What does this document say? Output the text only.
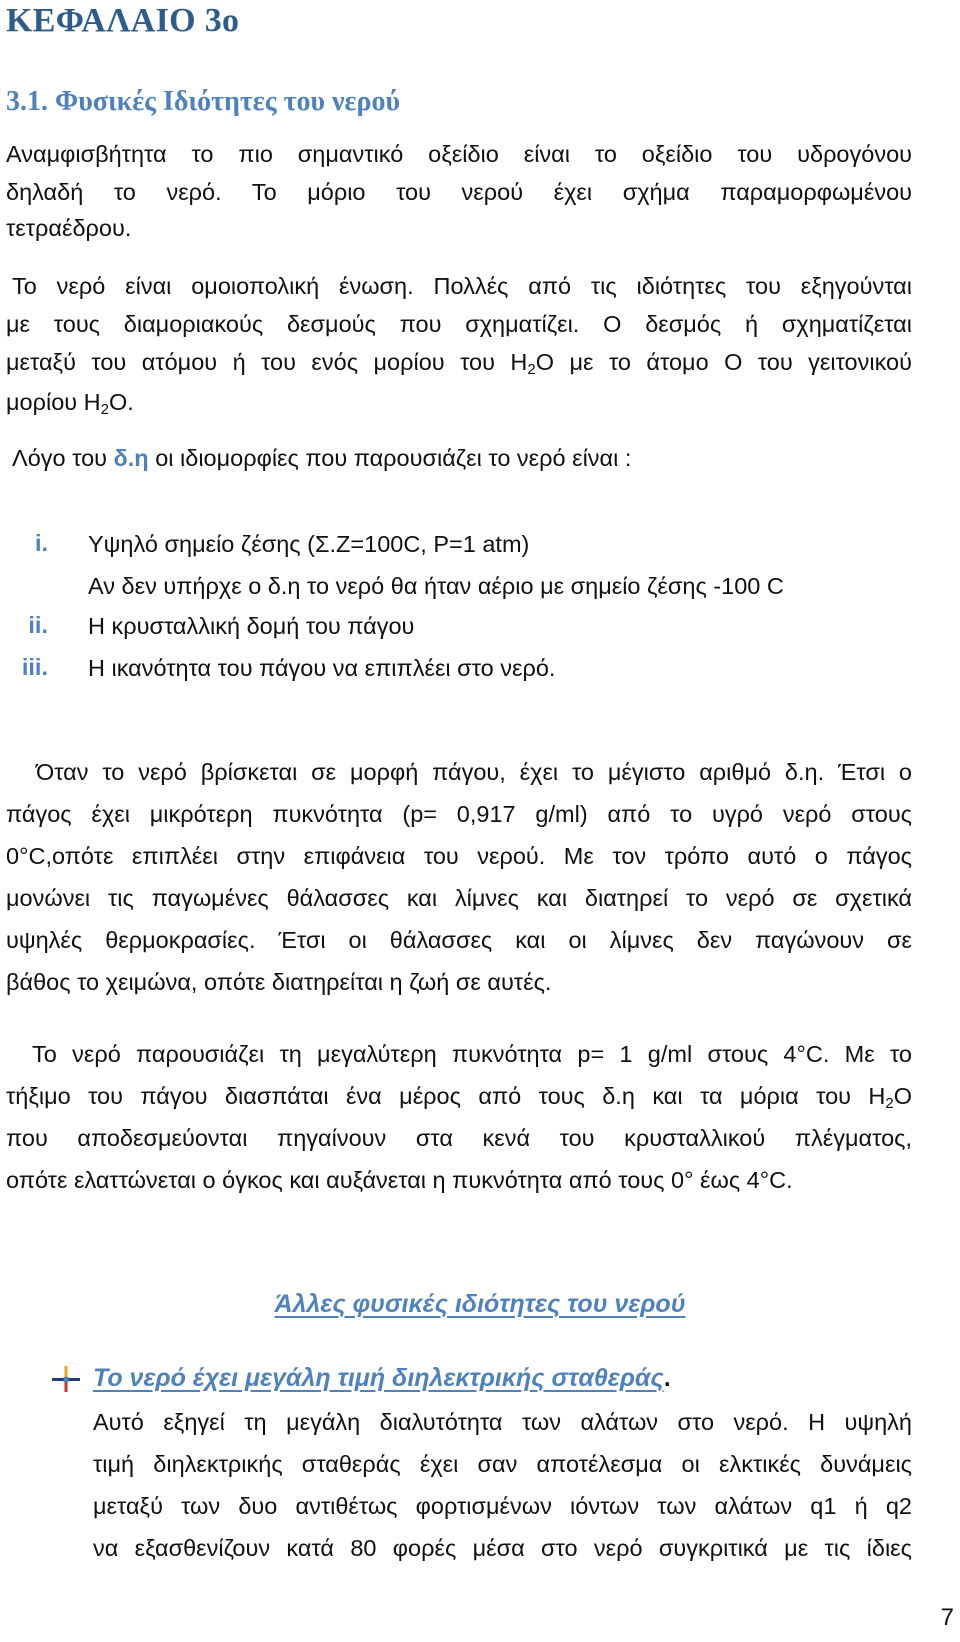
ΚΕΦΑΛΑΙΟ 3ο
3.1. Φυσικές Ιδιότητες του νερού
Αναμφισβήτητα το πιο σημαντικό οξείδιο είναι το οξείδιο του υδρογόνου
δηλαδή το νερό. Το μόριο του νερού έχει σχήμα παραμορφωμένου
τετραέδρου.
Το νερό είναι ομοιοπολική ένωση. Πολλές από τις ιδιότητες του εξηγούνται
με τους διαμοριακούς δεσμούς που σχηματίζει. Ο δεσμός ή σχηματίζεται
μεταξύ του ατόμου ή του ενός μορίου του $H_2O$ με το άτομο O του γειτονικού
μορίου $H_2O$.
Λόγο του δ.η οι ιδιομορφίες που παρουσιάζει το νερό είναι :
i. Υψηλό σημείο ζέσης (Σ.Ζ=100C, P=1 atm)
Αν δεν υπήρχε ο δ.η το νερό θα ήταν αέριο με σημείο ζέσης -100 C
ii. Η κρυσταλλική δομή του πάγου
iii. Η ικανότητα του πάγου να επιπλέει στο νερό.
Όταν το νερό βρίσκεται σε μορφή πάγου, έχει το μέγιστο αριθμό δ.η. Έτσι ο
πάγος έχει μικρότερη πυκνότητα (p= 0,917 g/ml) από το υγρό νερό στους
0°C,οπότε επιπλέει στην επιφάνεια του νερού. Με τον τρόπο αυτό ο πάγος
μονώνει τις παγωμένες θάλασσες και λίμνες και διατηρεί το νερό σε σχετικά
υψηλές θερμοκρασίες. Έτσι οι θάλασσες και οι λίμνες δεν παγώνουν σε
βάθος το χειμώνα, οπότε διατηρείται η ζωή σε αυτές.
Το νερό παρουσιάζει τη μεγαλύτερη πυκνότητα p= 1 g/ml στους 4°C. Με το
τήξιμο του πάγου διασπάται ένα μέρος από τους δ.η και τα μόρια του $H_2O$
που αποδεσμεύονται πηγαίνουν στα κενά του κρυσταλλικού πλέγματος,
οπότε ελαττώνεται ο όγκος και αυξάνεται η πυκνότητα από τους 0° έως 4°C.
Άλλες φυσικές ιδιότητες του νερού
Το νερό έχει μεγάλη τιμή διηλεκτρικής σταθεράς.
Αυτό εξηγεί τη μεγάλη διαλυτότητα των αλάτων στο νερό. Η υψηλή
τιμή διηλεκτρικής σταθεράς έχει σαν αποτέλεσμα οι ελκτικές δυνάμεις
μεταξύ των δυο αντιθέτως φορτισμένων ιόντων των αλάτων q1 ή q2
να εξασθενίζουν κατά 80 φορές μέσα στο νερό συγκριτικά με τις ίδιες
7
